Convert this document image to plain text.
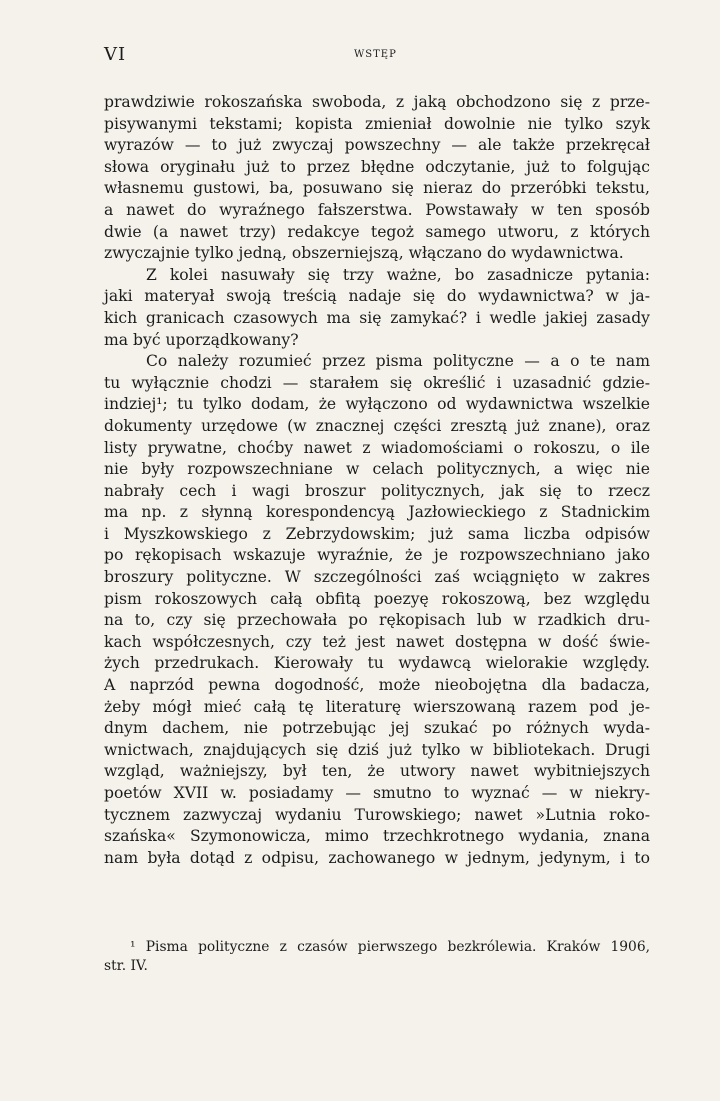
VI	WSTĘP
prawdziwie rokoszańska swoboda, z jaką obchodzono się z prze-
pisywanymi tekstami; kopista zmieniał dowolnie nie tylko szyk
wyrazów — to już zwyczaj powszechny — ale także przekręcał
słowa oryginału już to przez błędne odczytanie, już to folgując
własnemu gustowi, ba, posuwano się nieraz do przeróbki tekstu,
a nawet do wyraźnego fałszerstwa. Powstawały w ten sposób
dwie (a nawet trzy) redakcye tegoż samego utworu, z których
zwyczajnie tylko jedną, obszerniejszą, włączano do wydawnictwa.
Z kolei nasuwały się trzy ważne, bo zasadnicze pytania:
jaki materyał swoją treścią nadaje się do wydawnictwa? w ja-
kich granicach czasowych ma się zamykać? i wedle jakiej zasady
ma być uporządkowany?
Co należy rozumieć przez pisma polityczne — a o te nam
tu wyłącznie chodzi — starałem się określić i uzasadnić gdzie-
indziej¹; tu tylko dodam, że wyłączono od wydawnictwa wszelkie
dokumenty urzędowe (w znacznej części zresztą już znane), oraz
listy prywatne, choćby nawet z wiadomościami o rokoszu, o ile
nie były rozpowszechniane w celach politycznych, a więc nie
nabrały cech i wagi broszur politycznych, jak się to rzecz
ma np. z słynną korespondencyą Jazłowieckiego z Stadnickim
i Myszkowskiego z Zebrzydowskim; już sama liczba odpisów
po rękopisach wskazuje wyraźnie, że je rozpowszechniano jako
broszury polityczne. W szczególności zaś wciągnięto w zakres
pism rokoszowych całą obfitą poezyę rokoszową, bez względu
na to, czy się przechowała po rękopisach lub w rzadkich dru-
kach współczesnych, czy też jest nawet dostępna w dość świe-
żych przedrukach. Kierowały tu wydawcą wielorakie względy.
A naprzód pewna dogodność, może nieobojętna dla badacza,
żeby mógł mieć całą tę literaturę wierszowaną razem pod je-
dnym dachem, nie potrzebując jej szukać po różnych wyda-
wnictwach, znajdujących się dziś już tylko w bibliotekach. Drugi
wzgląd, ważniejszy, był ten, że utwory nawet wybitniejszych
poetów XVII w. posiadamy — smutno to wyznać — w niekry-
tycznem zazwyczaj wydaniu Turowskiego; nawet »Lutnia roko-
szańska« Szymonowicza, mimo trzechkrotnego wydania, znana
nam była dotąd z odpisu, zachowanego w jednym, jedynym, i to
¹ Pisma polityczne z czasów pierwszego bezkrólewia. Kraków 1906,
str. IV.
